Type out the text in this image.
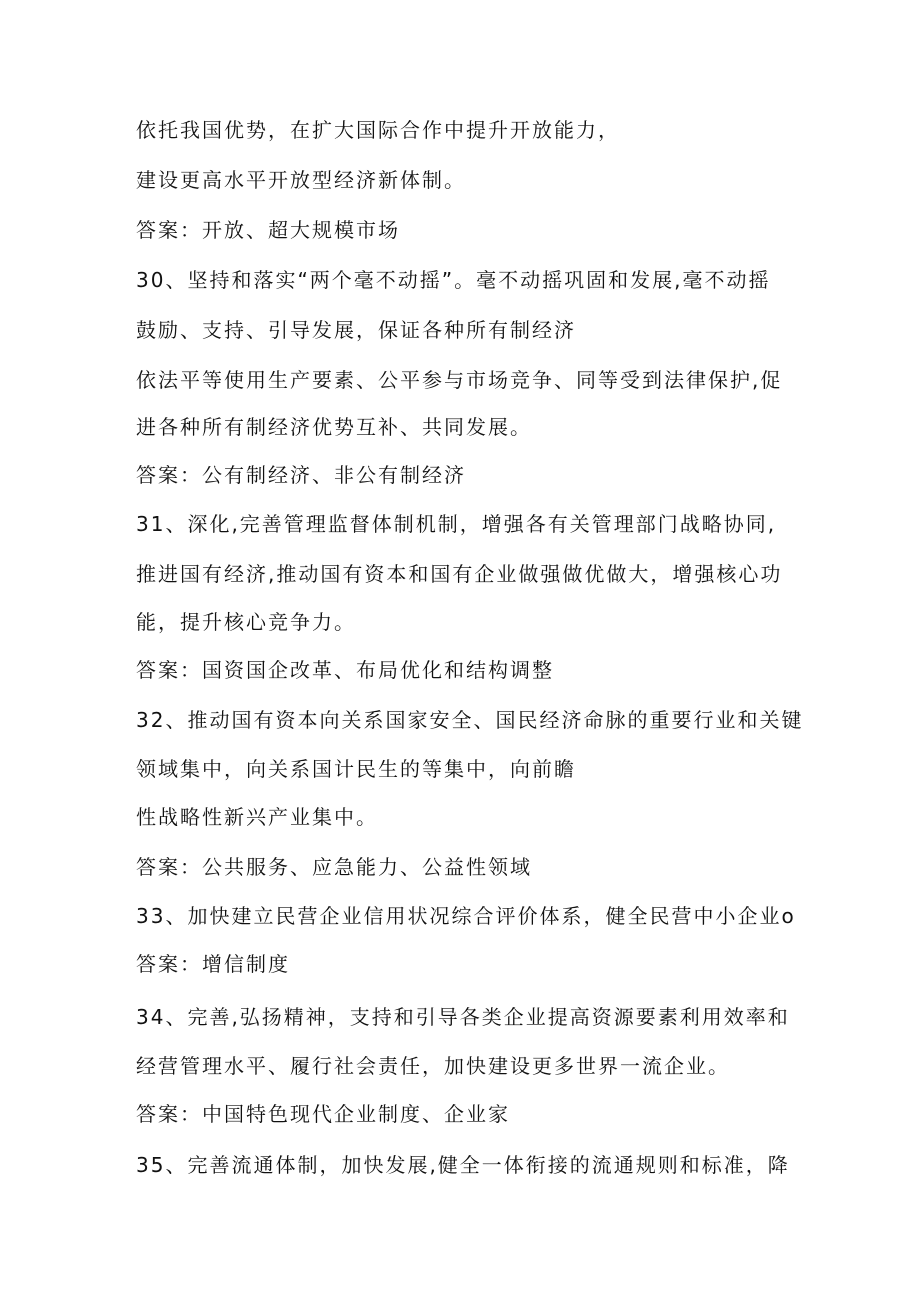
依托我国优势，在扩大国际合作中提升开放能力，
建设更高水平开放型经济新体制。
答案：开放、超大规模市场
30、坚持和落实“两个毫不动摇”。毫不动摇巩固和发展,毫不动摇
鼓励、支持、引导发展，保证各种所有制经济
依法平等使用生产要素、公平参与市场竞争、同等受到法律保护,促
进各种所有制经济优势互补、共同发展。
答案：公有制经济、非公有制经济
31、深化,完善管理监督体制机制，增强各有关管理部门战略协同,
推进国有经济,推动国有资本和国有企业做强做优做大，增强核心功
能，提升核心竞争力。
答案：国资国企改革、布局优化和结构调整
32、推动国有资本向关系国家安全、国民经济命脉的重要行业和关键
领域集中，向关系国计民生的等集中，向前瞻
性战略性新兴产业集中。
答案：公共服务、应急能力、公益性领域
33、加快建立民营企业信用状况综合评价体系，健全民营中小企业o
答案：增信制度
34、完善,弘扬精神，支持和引导各类企业提高资源要素利用效率和
经营管理水平、履行社会责任，加快建设更多世界一流企业。
答案：中国特色现代企业制度、企业家
35、完善流通体制，加快发展,健全一体衔接的流通规则和标准，降
